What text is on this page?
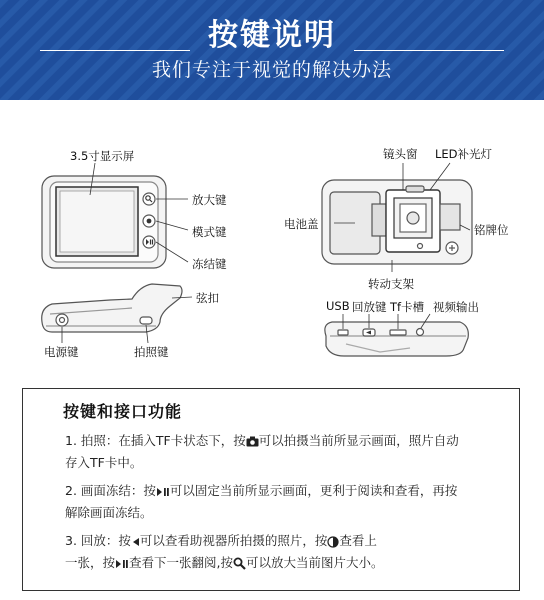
按键说明
我们专注于视觉的解决办法
3.5寸显示屏
放大键
模式键
冻结键
弦扣
电源键	拍照键
镜头窗 LED补光灯
电池盖	铭牌位
转动支架
USB 回放键 Tf卡槽 视频输出
按键和接口功能
1. 拍照：在插入TF卡状态下，按 可以拍摄当前所显示画面，照片自动
存入TF卡中。
2. 画面冻结：按 可以固定当前所显示画面，更利于阅读和查看，再按
解除画面冻结。
3. 回放：按 可以查看助视器所拍摄的照片，按 查看上
一张，按 查看下一张翻阅,按 可以放大当前图片大小。
